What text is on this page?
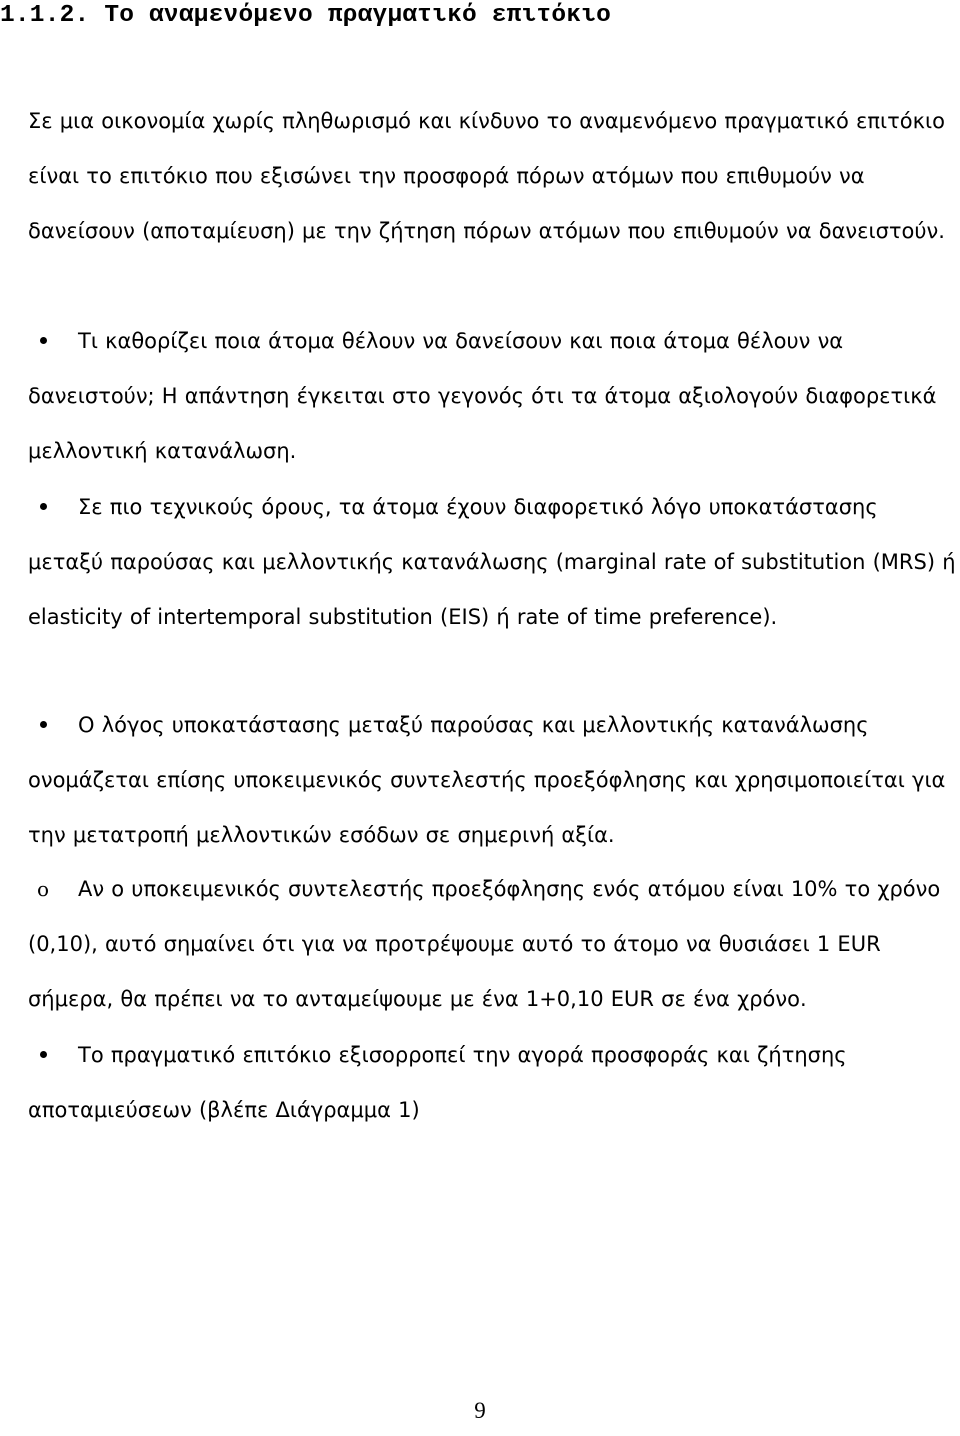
1.1.2. Το αναμενόμενο πραγματικό επιτόκιο

Σε μια οικονομία χωρίς πληθωρισμό και κίνδυνο το αναμενόμενο πραγματικό επιτόκιο είναι το επιτόκιο που εξισώνει την προσφορά πόρων ατόμων που επιθυμούν να δανείσουν (αποταμίευση) με την ζήτηση πόρων ατόμων που επιθυμούν να δανειστούν.

Τι καθορίζει ποια άτομα θέλουν να δανείσουν και ποια άτομα θέλουν να δανειστούν; Η απάντηση έγκειται στο γεγονός ότι τα άτομα αξιολογούν διαφορετικά μελλοντική κατανάλωση.
Σε πιο τεχνικούς όρους, τα άτομα έχουν διαφορετικό λόγο υποκατάστασης μεταξύ παρούσας και μελλοντικής κατανάλωσης (marginal rate of substitution (MRS) ή elasticity of intertemporal substitution (EIS) ή rate of time preference).
Ο λόγος υποκατάστασης μεταξύ παρούσας και μελλοντικής κατανάλωσης ονομάζεται επίσης υποκειμενικός συντελεστής προεξόφλησης και χρησιμοποιείται για την μετατροπή μελλοντικών εσόδων σε σημερινή αξία.
o	Αν ο υποκειμενικός συντελεστής προεξόφλησης ενός ατόμου είναι 10% το χρόνο (0,10), αυτό σημαίνει ότι για να προτρέψουμε αυτό το άτομο να θυσιάσει 1 EUR σήμερα, θα πρέπει να το ανταμείψουμε με ένα 1+0,10 EUR σε ένα χρόνο.
Το πραγματικό επιτόκιο εξισορροπεί την αγορά προσφοράς και ζήτησης αποταμιεύσεων (βλέπε Διάγραμμα 1)
9
